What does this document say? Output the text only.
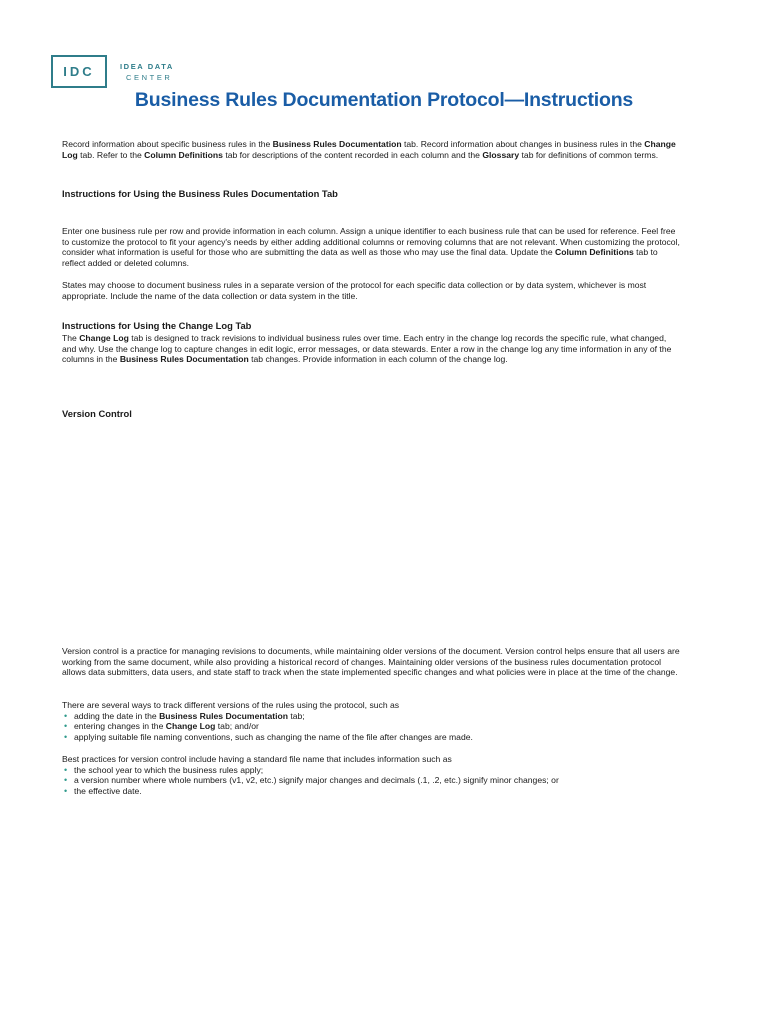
IDC	IDEA DATA
CENTER
Business Rules Documentation Protocol—Instructions

Record information about specific business rules in the Business Rules Documentation tab. Record information about changes in business rules in the Change Log tab. Refer to the Column Definitions tab for descriptions of the content recorded in each column and the Glossary tab for definitions of common terms.

Instructions for Using the Business Rules Documentation Tab

Enter one business rule per row and provide information in each column. Assign a unique identifier to each business rule that can be used for reference. Feel free to customize the protocol to fit your agency's needs by either adding additional columns or removing columns that are not relevant. When customizing the protocol, consider what information is useful for those who are submitting the data as well as those who may use the final data. Update the Column Definitions tab to reflect added or deleted columns.

States may choose to document business rules in a separate version of the protocol for each specific data collection or by data system, whichever is most appropriate. Include the name of the data collection or data system in the title.

Instructions for Using the Change Log Tab

The Change Log tab is designed to track revisions to individual business rules over time. Each entry in the change log records the specific rule, what changed, and why. Use the change log to capture changes in edit logic, error messages, or data stewards. Enter a row in the change log any time information in any of the columns in the Business Rules Documentation tab changes. Provide information in each column of the change log.

Version Control

Version control is a practice for managing revisions to documents, while maintaining older versions of the document. Version control helps ensure that all users are working from the same document, while also providing a historical record of changes. Maintaining older versions of the business rules documentation protocol allows data submitters, data users, and state staff to track when the state implemented specific changes and what policies were in place at the time of the change.

There are several ways to track different versions of the rules using the protocol, such as
• adding the date in the Business Rules Documentation tab;
• entering changes in the Change Log tab; and/or
• applying suitable file naming conventions, such as changing the name of the file after changes are made.
Best practices for version control include having a standard file name that includes information such as
• the school year to which the business rules apply;
• a version number where whole numbers (v1, v2, etc.) signify major changes and decimals (.1, .2, etc.) signify minor changes; or
• the effective date.
